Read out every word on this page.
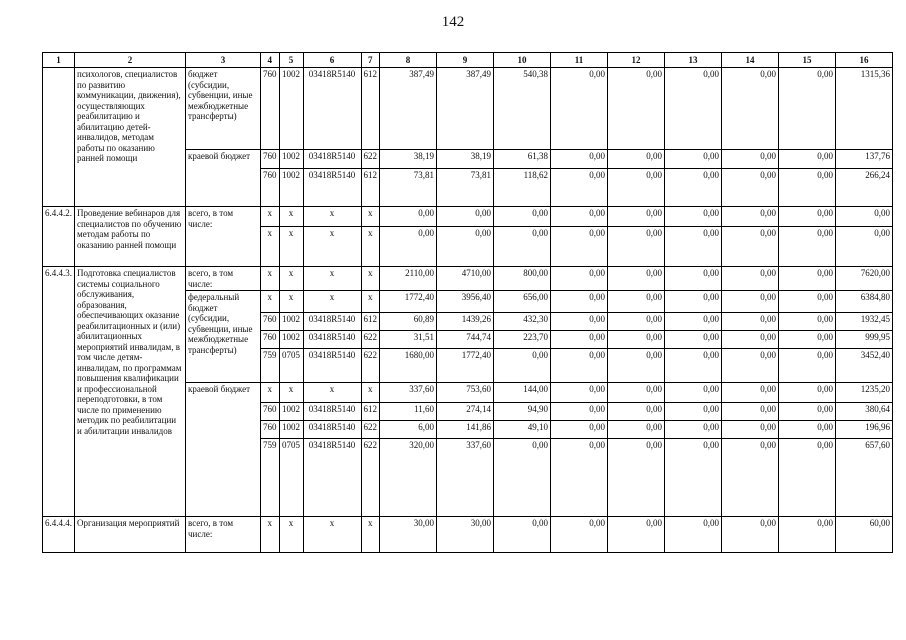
142
1	2	3	4	5	6	7	8	9	10	11	12	13	14	15	16
	психологов, специалистов по развитию коммуникации, движения), осуществляющих реабилитацию и абилитацию детей-инвалидов, методам работы по оказанию ранней помощи	бюджет (субсидии, субвенции, иные межбюджетные трансферты)	760	1002	03418R5140	612	387,49	387,49	540,38	0,00	0,00	0,00	0,00	0,00	1315,36
		краевой бюджет	760	1002	03418R5140	622	38,19	38,19	61,38	0,00	0,00	0,00	0,00	0,00	137,76
			760	1002	03418R5140	612	73,81	73,81	118,62	0,00	0,00	0,00	0,00	0,00	266,24
6.4.4.2.	Проведение вебинаров для специалистов по обучению методам работы по оказанию ранней помощи	всего, в том числе:	x	x	x	x	0,00	0,00	0,00	0,00	0,00	0,00	0,00	0,00	0,00
			x	x	x	x	0,00	0,00	0,00	0,00	0,00	0,00	0,00	0,00	0,00
6.4.4.3.	Подготовка специалистов системы социального обслуживания, образования, обеспечивающих оказание реабилитационных и (или) абилитационных мероприятий инвалидам, в том числе детям-инвалидам, по программам повышения квалификации и профессиональной переподготовки, в том числе по применению методик по реабилитации и абилитации инвалидов	всего, в том числе:	x	x	x	x	2110,00	4710,00	800,00	0,00	0,00	0,00	0,00	0,00	7620,00
		федеральный бюджет (субсидии, субвенции, иные межбюджетные трансферты)	x	x	x	x	1772,40	3956,40	656,00	0,00	0,00	0,00	0,00	0,00	6384,80
			760	1002	03418R5140	612	60,89	1439,26	432,30	0,00	0,00	0,00	0,00	0,00	1932,45
			760	1002	03418R5140	622	31,51	744,74	223,70	0,00	0,00	0,00	0,00	0,00	999,95
			759	0705	03418R5140	622	1680,00	1772,40	0,00	0,00	0,00	0,00	0,00	0,00	3452,40
		краевой бюджет	x	x	x	x	337,60	753,60	144,00	0,00	0,00	0,00	0,00	0,00	1235,20
			760	1002	03418R5140	612	11,60	274,14	94,90	0,00	0,00	0,00	0,00	0,00	380,64
			760	1002	03418R5140	622	6,00	141,86	49,10	0,00	0,00	0,00	0,00	0,00	196,96
			759	0705	03418R5140	622	320,00	337,60	0,00	0,00	0,00	0,00	0,00	0,00	657,60
6.4.4.4.	Организация мероприятий	всего, в том числе:	x	x	x	x	30,00	30,00	0,00	0,00	0,00	0,00	0,00	0,00	60,00
